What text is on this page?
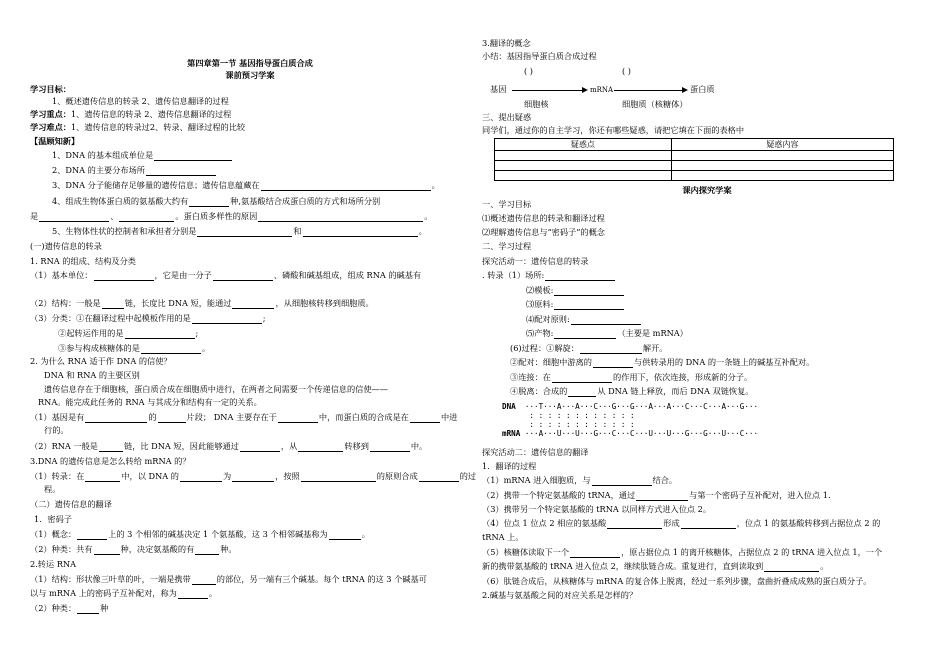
第四章第一节 基因指导蛋白质合成
课前预习学案
学习目标：
1、概述遗传信息的转录 2、遗传信息翻译的过程
学习重点：1、遗传信息的转录 2、遗传信息翻译的过程
学习难点：1、遗传信息的转录过2、转录、翻译过程的比较
【温顾知新】
1、DNA 的基本组成单位是
2、DNA 的主要分布场所
3、DNA 分子能储存足够量的遗传信息；遗传信息蕴藏在	。
4、组成生物体蛋白质的氨基酸大约有	种,氨基酸结合成蛋白质的方式和场所分别
是	、	。蛋白质多样性的原因	。
5、生物体性状的控制者和承担者分别是	和	。
(一)遗传信息的转录
1. RNA 的组成、结构及分类
（1）基本单位：	，它是由一分子	、磷酸和碱基组成，组成 RNA 的碱基有
（2）结构：一般是	链，长度比 DNA 短，能通过	，从细胞核转移到细胞质。
（3）分类：①在翻译过程中起模板作用的是	;
②起转运作用的是	;
③参与构成核糖体的是	。
2. 为什么 RNA 适于作 DNA 的信使？
DNA 和 RNA 的主要区别
遗传信息存在于细胞核，蛋白质合成在细胞质中进行，在两者之间需要一个传递信息的信使——
RNA。能完成此任务的 RNA 与其成分和结构有一定的关系。
（1）基因是有	的	片段； DNA 主要存在于	中，而蛋白质的合成是在	中进
行的。
（2）RNA 一般是	链，比 DNA 短，因此能够通过	，从	转移到	中。
3.DNA 的遗传信息是怎么转给 mRNA 的？
（1）转录：在	中，以 DNA 的	为	，按照	的原则合成	的过
程。
（二）遗传信息的翻译
1．密码子
（1）概念：	上的 3 个相邻的碱基决定 1 个氨基酸，这 3 个相邻碱基称为	。
（2）种类：共有	种，决定氨基酸的有	种。
2.转运 RNA
（1）结构：形状像三叶草的叶，一端是携带	的部位，另一端有三个碱基。每个 tRNA 的这 3 个碱基可
以与 mRNA 上的密码子互补配对，称为	。
（2）种类：	种
3.翻译的概念
小结：基因指导蛋白质合成过程
( )	( )
基因	mRNA	蛋白质
细胞核	细胞质（核糖体）
三、提出疑惑
同学们，通过你的自主学习，你还有哪些疑惑，请把它填在下面的表格中
疑惑点	疑惑内容

课内探究学案
一、学习目标
⑴概述遗传信息的转录和翻译过程
⑵理解遗传信息与“密码子”的概念
二、学习过程
探究活动一：遗传信息的转录
. 转录（1）场所:
⑵模板:
⑶原料:
⑷配对原则:
⑸产物:	（主要是 mRNA）
(6)过程：①解旋：	解开。
②配对：细胞中游离的	与供转录用的 DNA 的一条链上的碱基互补配对。
③连接：在	的作用下，依次连接，形成新的分子。
④脱离：合成的	从 DNA 链上释放，而后 DNA 双链恢复。
DNA ···T···A···A···C···G···G···A···A···C···C···A···G···
: : : : : : : : : : : :
: : : : : : : : : : : :
mRNA ···A···U···U···G···C···C···U···U···G···G···U···C···
探究活动二：遗传信息的翻译
1．翻译的过程
（1）mRNA 进入细胞质，与	结合。
（2）携带一个特定氨基酸的 tRNA，通过	与第一个密码子互补配对，进入位点 1.
（3）携带另一个特定氨基酸的 tRNA 以同样方式进入位点 2。
（4）位点 1 位点 2 相应的氨基酸	形成	，位点 1 的氨基酸转移到占据位点 2 的
tRNA 上。
（5）核糖体读取下一个	，原占据位点 1 的离开核糖体，占据位点 2 的 tRNA 进入位点 1，一个
新的携带氨基酸的 tRNA 进入位点 2，继续肽链合成。重复进行，直到读取到	。
（6）肽链合成后，从核糖体与 mRNA 的复合体上脱离，经过一系列步骤，盘曲折叠成成熟的蛋白质分子。
2.碱基与氨基酸之间的对应关系是怎样的？
